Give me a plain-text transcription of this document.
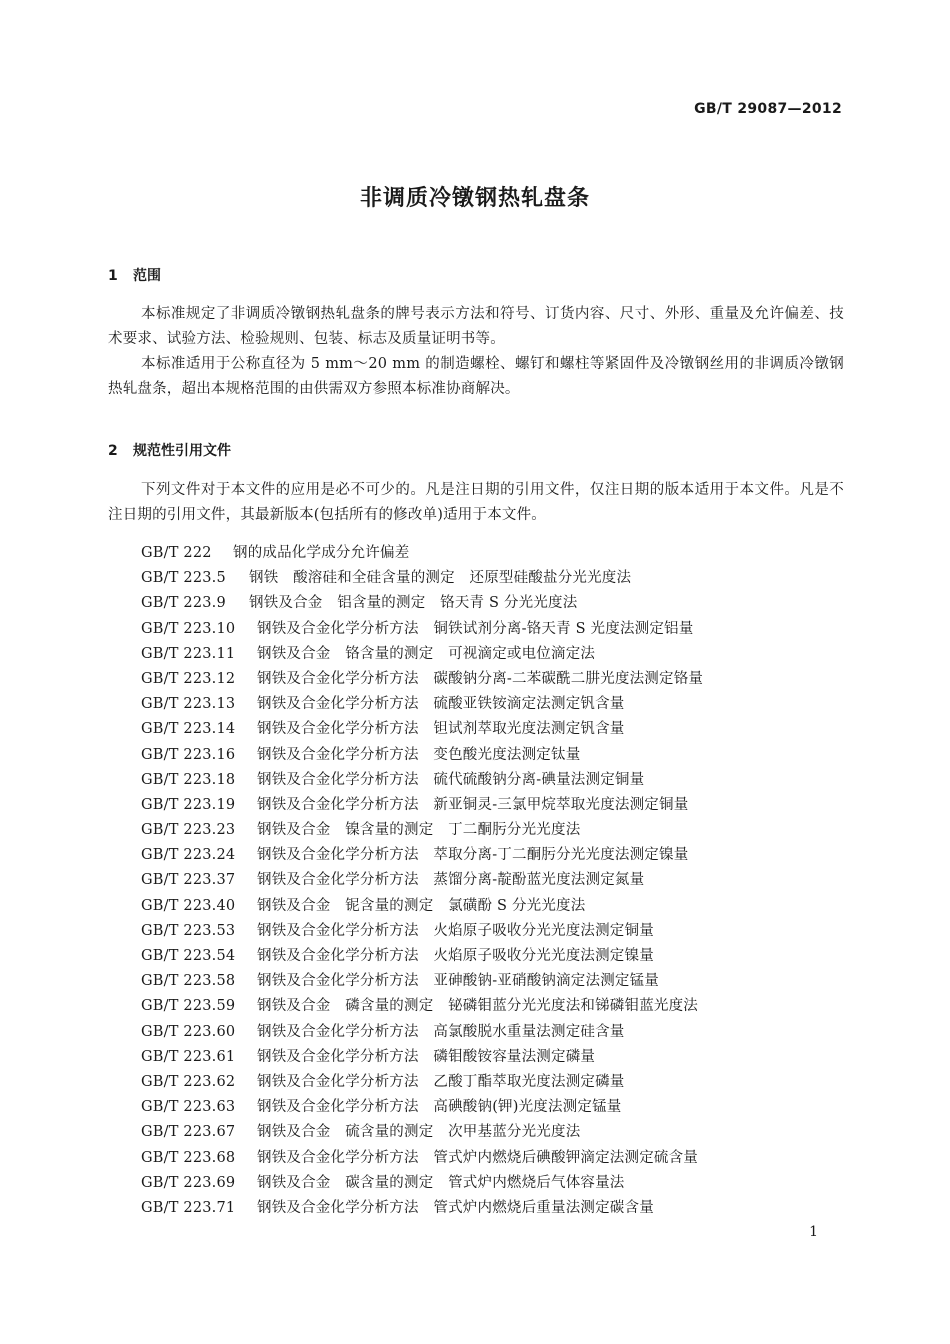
GB/T 29087—2012
非调质冷镦钢热轧盘条
1 范围

本标准规定了非调质冷镦钢热轧盘条的牌号表示方法和符号、订货内容、尺寸、外形、重量及允许偏差、技术要求、试验方法、检验规则、包装、标志及质量证明书等。

本标准适用于公称直径为 5 mm～20 mm 的制造螺栓、螺钉和螺柱等紧固件及冷镦钢丝用的非调质冷镦钢热轧盘条，超出本规格范围的由供需双方参照本标准协商解决。

2 规范性引用文件

下列文件对于本文件的应用是必不可少的。凡是注日期的引用文件，仅注日期的版本适用于本文件。凡是不注日期的引用文件，其最新版本(包括所有的修改单)适用于本文件。

GB/T 222 钢的成品化学成分允许偏差
GB/T 223.5 钢铁　酸溶硅和全硅含量的测定　还原型硅酸盐分光光度法
GB/T 223.9 钢铁及合金　铝含量的测定　铬天青 S 分光光度法
GB/T 223.10 钢铁及合金化学分析方法　铜铁试剂分离-铬天青 S 光度法测定铝量
GB/T 223.11 钢铁及合金　铬含量的测定　可视滴定或电位滴定法
GB/T 223.12 钢铁及合金化学分析方法　碳酸钠分离-二苯碳酰二肼光度法测定铬量
GB/T 223.13 钢铁及合金化学分析方法　硫酸亚铁铵滴定法测定钒含量
GB/T 223.14 钢铁及合金化学分析方法　钽试剂萃取光度法测定钒含量
GB/T 223.16 钢铁及合金化学分析方法　变色酸光度法测定钛量
GB/T 223.18 钢铁及合金化学分析方法　硫代硫酸钠分离-碘量法测定铜量
GB/T 223.19 钢铁及合金化学分析方法　新亚铜灵-三氯甲烷萃取光度法测定铜量
GB/T 223.23 钢铁及合金　镍含量的测定　丁二酮肟分光光度法
GB/T 223.24 钢铁及合金化学分析方法　萃取分离-丁二酮肟分光光度法测定镍量
GB/T 223.37 钢铁及合金化学分析方法　蒸馏分离-靛酚蓝光度法测定氮量
GB/T 223.40 钢铁及合金　铌含量的测定　氯磺酚 S 分光光度法
GB/T 223.53 钢铁及合金化学分析方法　火焰原子吸收分光光度法测定铜量
GB/T 223.54 钢铁及合金化学分析方法　火焰原子吸收分光光度法测定镍量
GB/T 223.58 钢铁及合金化学分析方法　亚砷酸钠-亚硝酸钠滴定法测定锰量
GB/T 223.59 钢铁及合金　磷含量的测定　铋磷钼蓝分光光度法和锑磷钼蓝光度法
GB/T 223.60 钢铁及合金化学分析方法　高氯酸脱水重量法测定硅含量
GB/T 223.61 钢铁及合金化学分析方法　磷钼酸铵容量法测定磷量
GB/T 223.62 钢铁及合金化学分析方法　乙酸丁酯萃取光度法测定磷量
GB/T 223.63 钢铁及合金化学分析方法　高碘酸钠(钾)光度法测定锰量
GB/T 223.67 钢铁及合金　硫含量的测定　次甲基蓝分光光度法
GB/T 223.68 钢铁及合金化学分析方法　管式炉内燃烧后碘酸钾滴定法测定硫含量
GB/T 223.69 钢铁及合金　碳含量的测定　管式炉内燃烧后气体容量法
GB/T 223.71 钢铁及合金化学分析方法　管式炉内燃烧后重量法测定碳含量
1
